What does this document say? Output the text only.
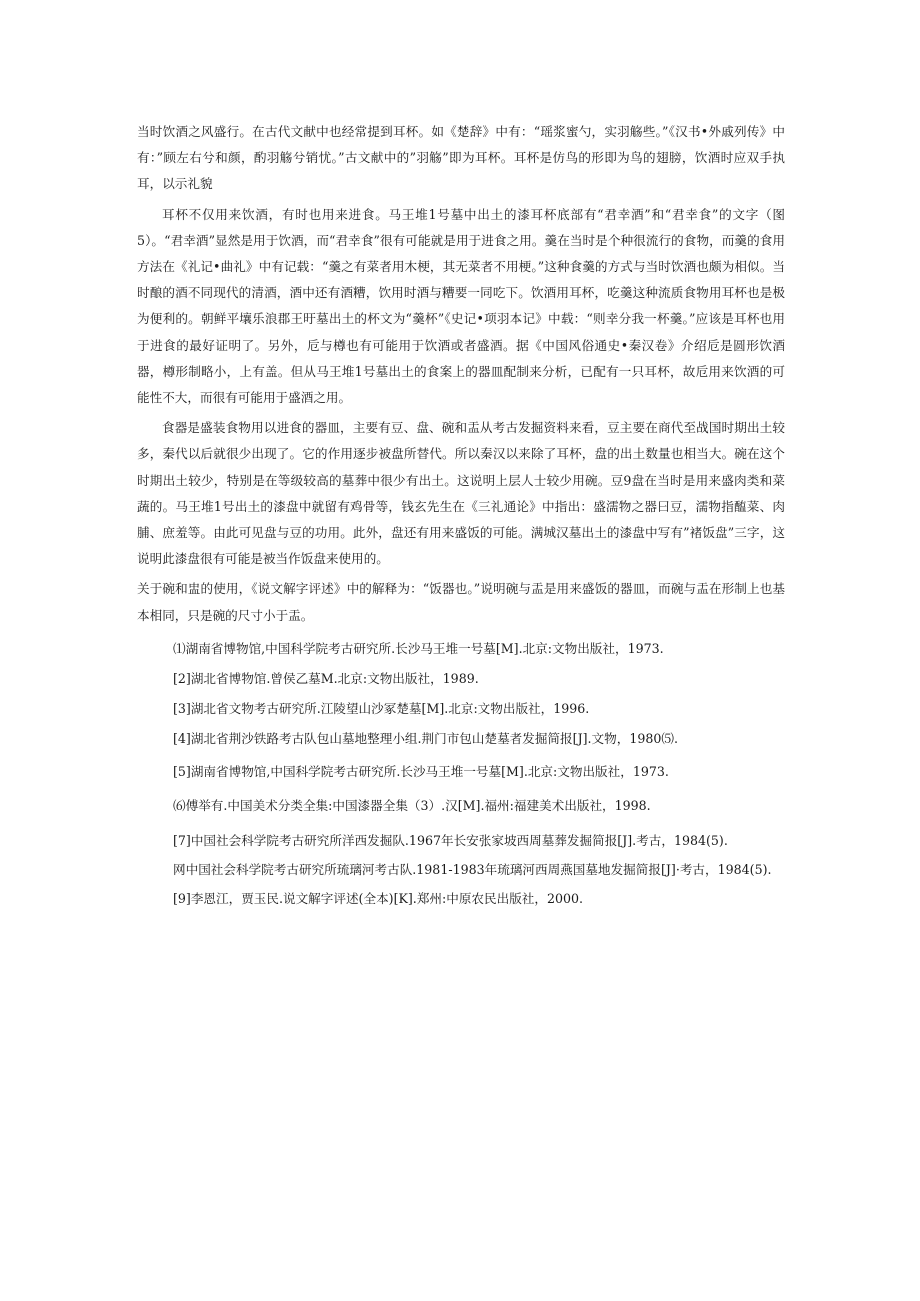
当时饮酒之风盛行。在古代文献中也经常提到耳杯。如《楚辞》中有：“瑶浆蜜勺，实羽觞些。”《汉书•外戚列传》中有：”顾左右兮和颜，酌羽觞兮销忧。”古文献中的”羽觞”即为耳杯。耳杯是仿鸟的形即为鸟的翅膀，饮酒时应双手执耳，以示礼貌

耳杯不仅用来饮酒，有时也用来进食。马王堆1号墓中出土的漆耳杯底部有“君幸酒”和“君幸食”的文字（图5）。“君幸酒”显然是用于饮酒，而“君幸食”很有可能就是用于进食之用。羹在当时是个种很流行的食物，而羹的食用方法在《礼记•曲礼》中有记载：“羹之有菜者用木梗，其无菜者不用梗。”这种食羹的方式与当时饮酒也颇为相似。当时酿的酒不同现代的清酒，酒中还有酒糟，饮用时酒与糟要一同吃下。饮酒用耳杯，吃羹这种流质食物用耳杯也是极为便利的。朝鲜平壤乐浪郡王旴墓出土的杯文为“羹杯”《史记•项羽本记》中载：“则幸分我一杯羹。”应该是耳杯也用于进食的最好证明了。另外，卮与樽也有可能用于饮酒或者盛酒。据《中国风俗通史•秦汉卷》介绍卮是圆形饮酒器，樽形制略小，上有盖。但从马王堆1号墓出土的食案上的器皿配制来分析，已配有一只耳杯，故卮用来饮酒的可能性不大，而很有可能用于盛酒之用。

食器是盛装食物用以进食的器皿，主要有豆、盘、碗和盂从考古发掘资料来看，豆主要在商代至战国时期出土较多，秦代以后就很少出现了。它的作用逐步被盘所替代。所以秦汉以来除了耳杯，盘的出土数量也相当大。碗在这个时期出土较少，特别是在等级较高的墓葬中很少有出土。这说明上层人士较少用碗。豆9盘在当时是用来盛肉类和菜蔬的。马王堆1号出土的漆盘中就留有鸡骨等，钱玄先生在《三礼通论》中指出：盛濡物之器曰豆，濡物指醢菜、肉脯、庶羞等。由此可见盘与豆的功用。此外，盘还有用来盛饭的可能。满城汉墓出土的漆盘中写有”褚饭盘”三字，这说明此漆盘很有可能是被当作饭盘来使用的。

关于碗和盅的使用，《说文解字评述》中的解释为：“饭器也。”说明碗与盂是用来盛饭的器皿，而碗与盂在形制上也基本相同，只是碗的尺寸小于盂。

⑴湖南省博物馆,中国科学院考古研究所.长沙马王堆一号墓[M].北京:文物出版社，1973.

[2]湖北省博物馆.曾侯乙墓M.北京:文物出版社，1989.

[3]湖北省文物考古研究所.江陵望山沙冢楚墓[M].北京:文物出版社，1996.

[4]湖北省荆沙铁路考古队包山墓地整理小组.荆门市包山楚墓者发掘简报[J].文物，1980⑸.

[5]湖南省博物馆,中国科学院考古研究所.长沙马王堆一号墓[M].北京:文物出版社，1973.

⑹傅举有.中国美术分类全集:中国漆器全集（3）.汉[M].福州:福建美术出版社，1998.

[7]中国社会科学院考古研究所洋西发掘队.1967年长安张家坡西周墓葬发掘简报[J].考古，1984(5).

网中国社会科学院考古研究所琉璃河考古队.1981-1983年琉璃河西周燕国墓地发掘简报[J]·考古，1984(5).

[9]李恩江，贾玉民.说文解字评述(全本)[K].郑州:中原农民出版社，2000.
